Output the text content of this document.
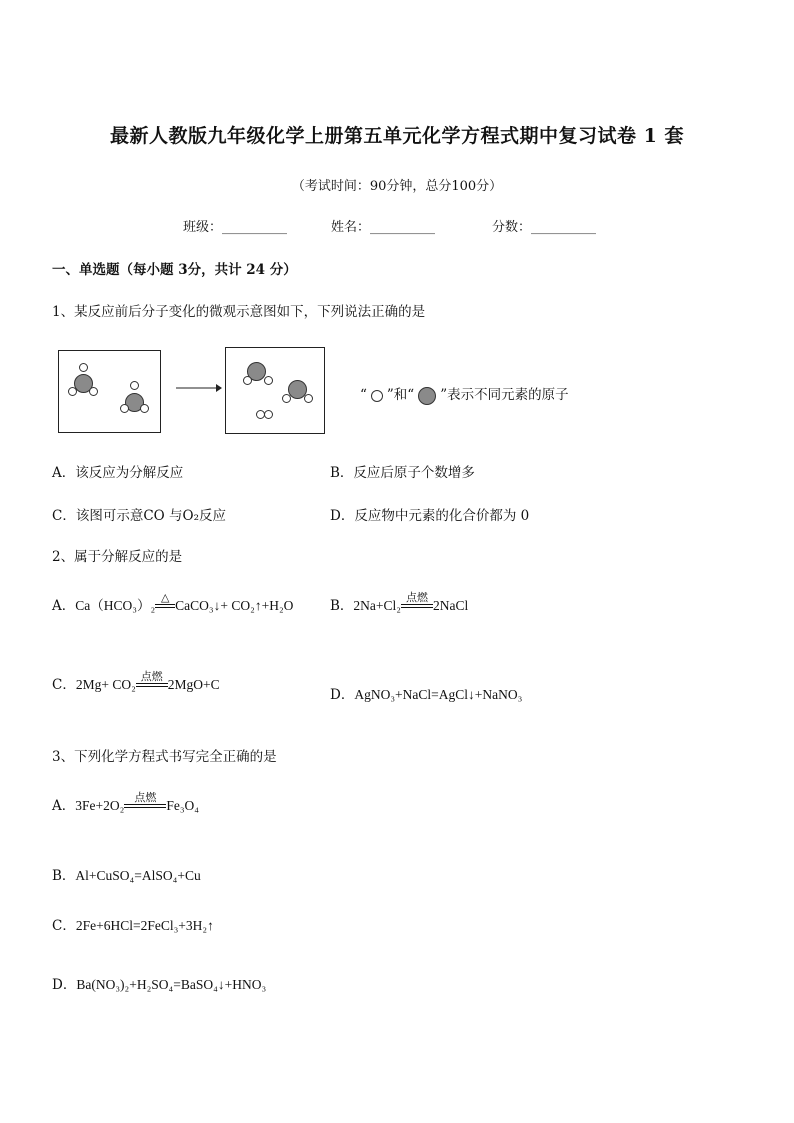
最新人教版九年级化学上册第五单元化学方程式期中复习试卷 1 套
（考试时间：90分钟，总分100分）
班级：__________	姓名：__________	分数：__________
一、单选题（每小题 3分，共计 24 分）
1、某反应前后分子变化的微观示意图如下，下列说法正确的是
“ ”和“ ”表示不同元素的原子
A．该反应为分解反应	B．反应后原子个数增多
C．该图可示意CO 与O₂反应	D．反应物中元素的化合价都为 0
2、属于分解反应的是
A．Ca（HCO₃）₂
△
CaCO₃↓+ CO₂↑+H₂O	B．2Na+Cl₂
点燃
2NaCl
C．2Mg+ CO₂
点燃
2MgO+C
D．AgNO₃+NaCl=AgCl↓+NaNO₃
3、下列化学方程式书写完全正确的是
A．3Fe+2O₂
点燃
Fe₃O₄
B．Al+CuSO₄=AlSO₄+Cu
C．2Fe+6HCl=2FeCl₃+3H₂↑
D．Ba(NO₃)₂+H₂SO₄=BaSO₄↓+HNO₃
